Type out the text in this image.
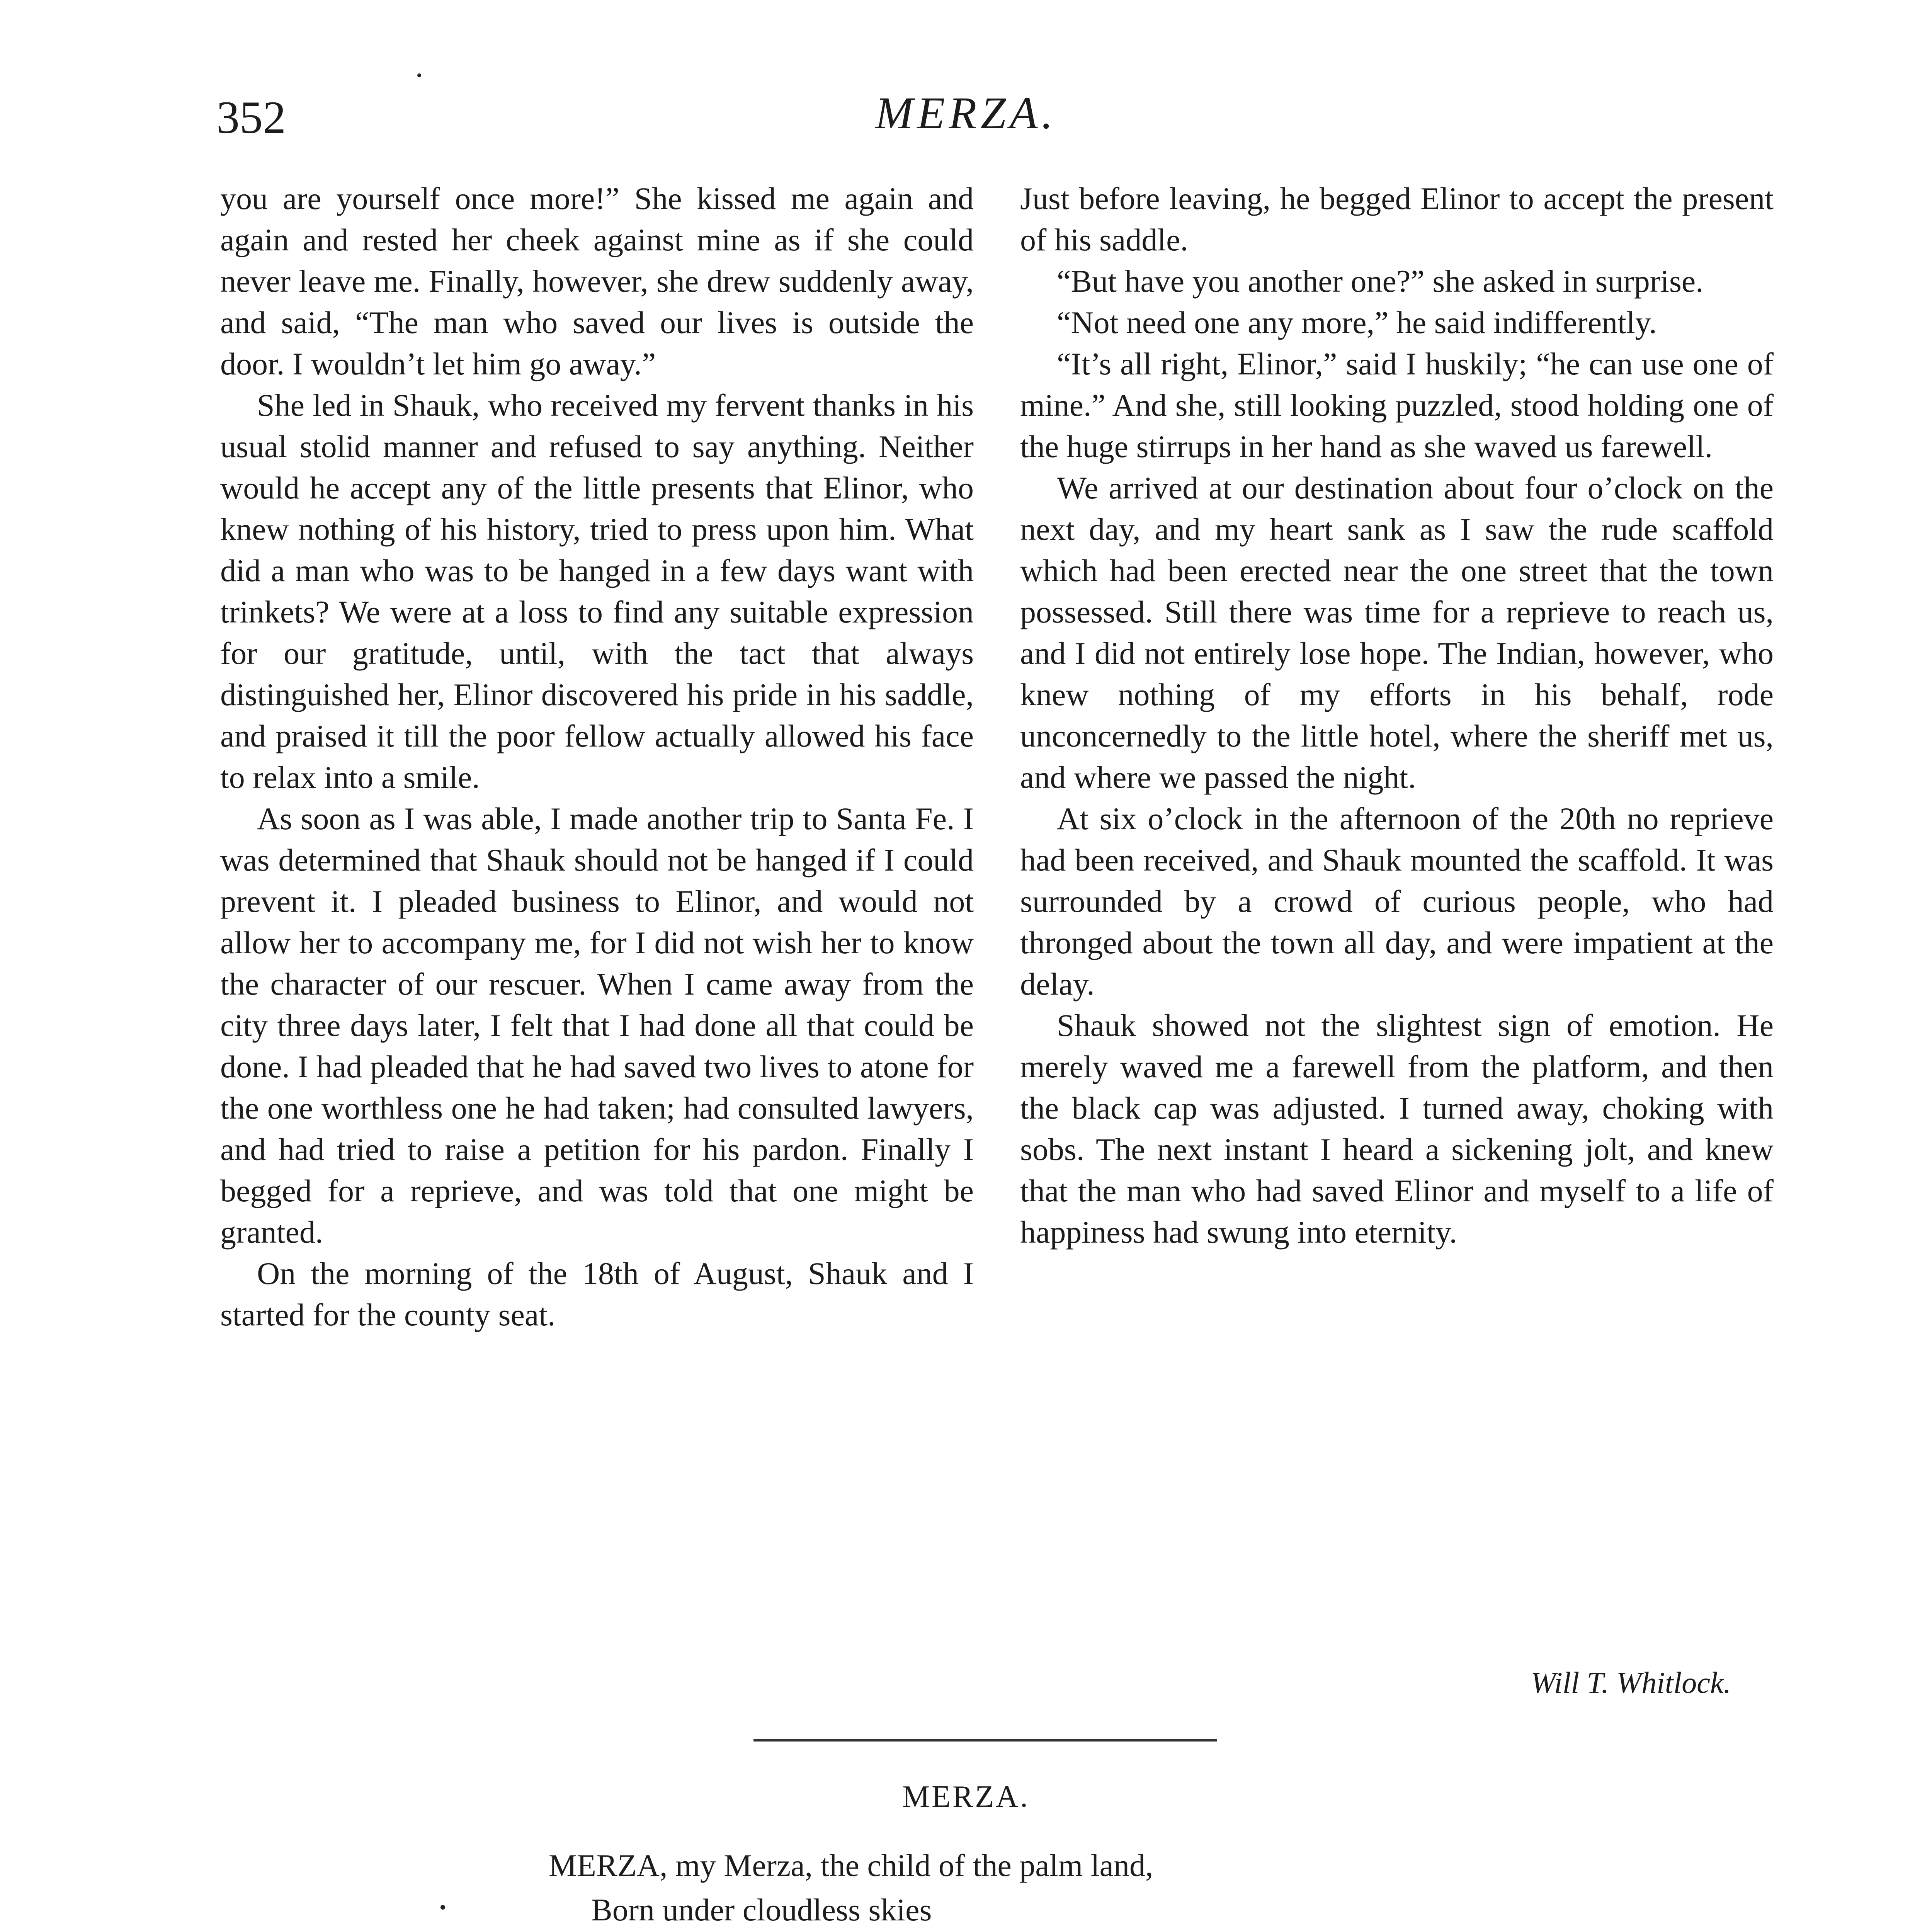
352	MERZA.

you are yourself once more!” She kissed me again and again and rested her cheek against mine as if she could never leave me. Finally, however, she drew suddenly away, and said, “The man who saved our lives is outside the door. I wouldn’t let him go away.”

She led in Shauk, who received my fervent thanks in his usual stolid manner and refused to say anything. Neither would he accept any of the little presents that Elinor, who knew nothing of his history, tried to press upon him. What did a man who was to be hanged in a few days want with trinkets? We were at a loss to find any suitable expression for our gratitude, until, with the tact that always distinguished her, Elinor discovered his pride in his saddle, and praised it till the poor fellow actually allowed his face to relax into a smile.

As soon as I was able, I made another trip to Santa Fe. I was determined that Shauk should not be hanged if I could prevent it. I pleaded business to Elinor, and would not allow her to accompany me, for I did not wish her to know the character of our rescuer. When I came away from the city three days later, I felt that I had done all that could be done. I had pleaded that he had saved two lives to atone for the one worthless one he had taken; had consulted lawyers, and had tried to raise a petition for his pardon. Finally I begged for a reprieve, and was told that one might be granted.

On the morning of the 18th of August, Shauk and I started for the county seat.

Just before leaving, he begged Elinor to accept the present of his saddle.

“But have you another one?” she asked in surprise.

“Not need one any more,” he said indifferently.

“It’s all right, Elinor,” said I huskily; “he can use one of mine.” And she, still looking puzzled, stood holding one of the huge stirrups in her hand as she waved us farewell.

We arrived at our destination about four o’clock on the next day, and my heart sank as I saw the rude scaffold which had been erected near the one street that the town possessed. Still there was time for a reprieve to reach us, and I did not entirely lose hope. The Indian, however, who knew nothing of my efforts in his behalf, rode unconcernedly to the little hotel, where the sheriff met us, and where we passed the night.

At six o’clock in the afternoon of the 20th no reprieve had been received, and Shauk mounted the scaffold. It was surrounded by a crowd of curious people, who had thronged about the town all day, and were impatient at the delay.

Shauk showed not the slightest sign of emotion. He merely waved me a farewell from the platform, and then the black cap was adjusted. I turned away, choking with sobs. The next instant I heard a sickening jolt, and knew that the man who had saved Elinor and myself to a life of happiness had swung into eternity.

Will T. Whitlock.
MERZA.
MERZA, my Merza, the child of the palm land,
Born under cloudless skies
